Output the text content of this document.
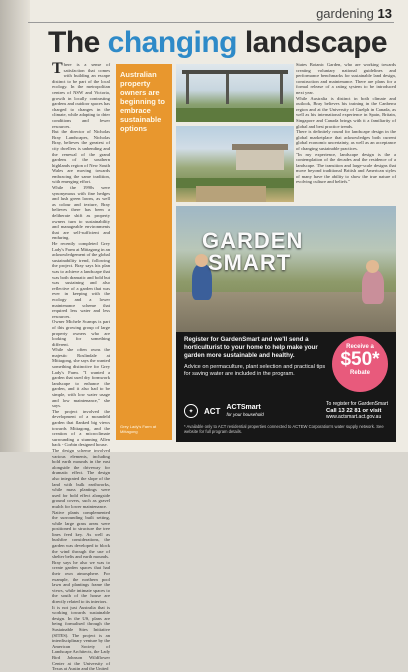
gardening 13
The changing landscape
T here is a sense of satisfaction that comes with building an escape distinct to be part of the local ecology. In the metropolitan centres of NSW and Victoria, growth in locally contrasting gardens and outdoor spaces has charged to changes in the climate, while adapting to drier conditions and fewer resources.

But the director of Nicholas Bray Landscapes, Nicholas Bray, believes the greatest of city dwellers is unbending and the renewal of the grand gardens of the southern highlands region of New South Wales are moving towards embracing the same tradition, with emerging effort.

While the 1990s were synonymous with fine hedges and lush green lawns, as well as colour and texture, Bray believes there has been a deliberate shift as property owners turn to sustainability and manageable environments that are self-sufficient and enduring.

He recently completed Grey Lady's Farm at Mittagong in an acknowledgement of the global sustainability trend, following the project. Bray says his plan was to achieve a landscape that was both dramatic and bold but was sustaining and also reflective of a garden that was ever in keeping with the ecology and a lower maintenance scheme that required less water and less resources.

Owner Michele Scamps is part of this growing group of large property owners who are looking for something different.

While she often owns the majestic Roslindale at Mittagong, she says the wanted something distinctive for Grey Lady's Farm. "I wanted a garden that used dry formwork landscape to enhance the garden, and it also had to be simple, with low water usage and low maintenance," she says.

The project involved the development of a moundeld garden that flanked big views towards Mittagong, and the creation of a microclimate surrounding a stunning Allen back - Corbin designed house.

The design scheme involved various elements, including bold earth mounds in the east alongside the driveway for dramatic effect. The design also integrated the slope of the land with bulk earthworks, while mass plantings were used for bold effect alongside ground covers, such as gravel mulch for lower maintenance.

Native plants complemented the surrounding built setting, while large grass areas were positioned to structure the tree lines feed key. As well as bushfire considerations, the garden was developed to block the wind through the use of shelter belts and earth mounds.

Bray says he also we was to create garden spaces that had their own atmosphere. For example, the northern pool lawn and plantings frame the views, while intimate spaces to the south of the house are directly related to its interiors.

It is not just Australia that is working towards sustainable design. In the US, plans are being formalised through the Sustainable Sites Initiative (SITES). The project is an interdisciplinary venture by the American Society of Landscape Architects, the Lady Bird Johnson Wildflower Center at the University of Texas at Austin and the United

Australian property owners are beginning to embrace sustainable options
Grey Lady's Farm at Mittagong

States Botanic Garden, who are working towards creating voluntary national guidelines and performance benchmarks for sustainable land design, construction and maintenance. There are plans for a formal release of a rating system to be introduced next year.

While Australia is distinct in both climate and outlook, Bray believes his training in the Canberra region and at the University of Guelph in Canada, as well as his international experience in Spain, Britain, Singapore and Canada brings with it a familiarity of global and best practice trends.

There is definitely round for landscape design in the global marketplace that acknowledges both current global economic uncertainty, as well as an acceptance of changing sustainable practices.

"In my experience, landscape design is the a contemplation of the decades and the residence of a landscape. The transition and large-scale designs that move beyond traditional British and American styles of many have the ability to show the true nature of evolving culture and beliefs."

GARDEN
SMART

Register for GardenSmart and we'll send a horticulturist to your home to help make your garden more sustainable and healthy.

Advice on permaculture, plant selection and practical tips for saving water are included in the program.

Receive a
$50*
Rebate
✦	ACT ACTSmart
for your household
To register for GardenSmart
Call 13 22 81 or visit
www.actsmart.act.gov.au
* Available only to ACT residential properties connected to ACTEW Corporation's water supply network. See website for full program details.
